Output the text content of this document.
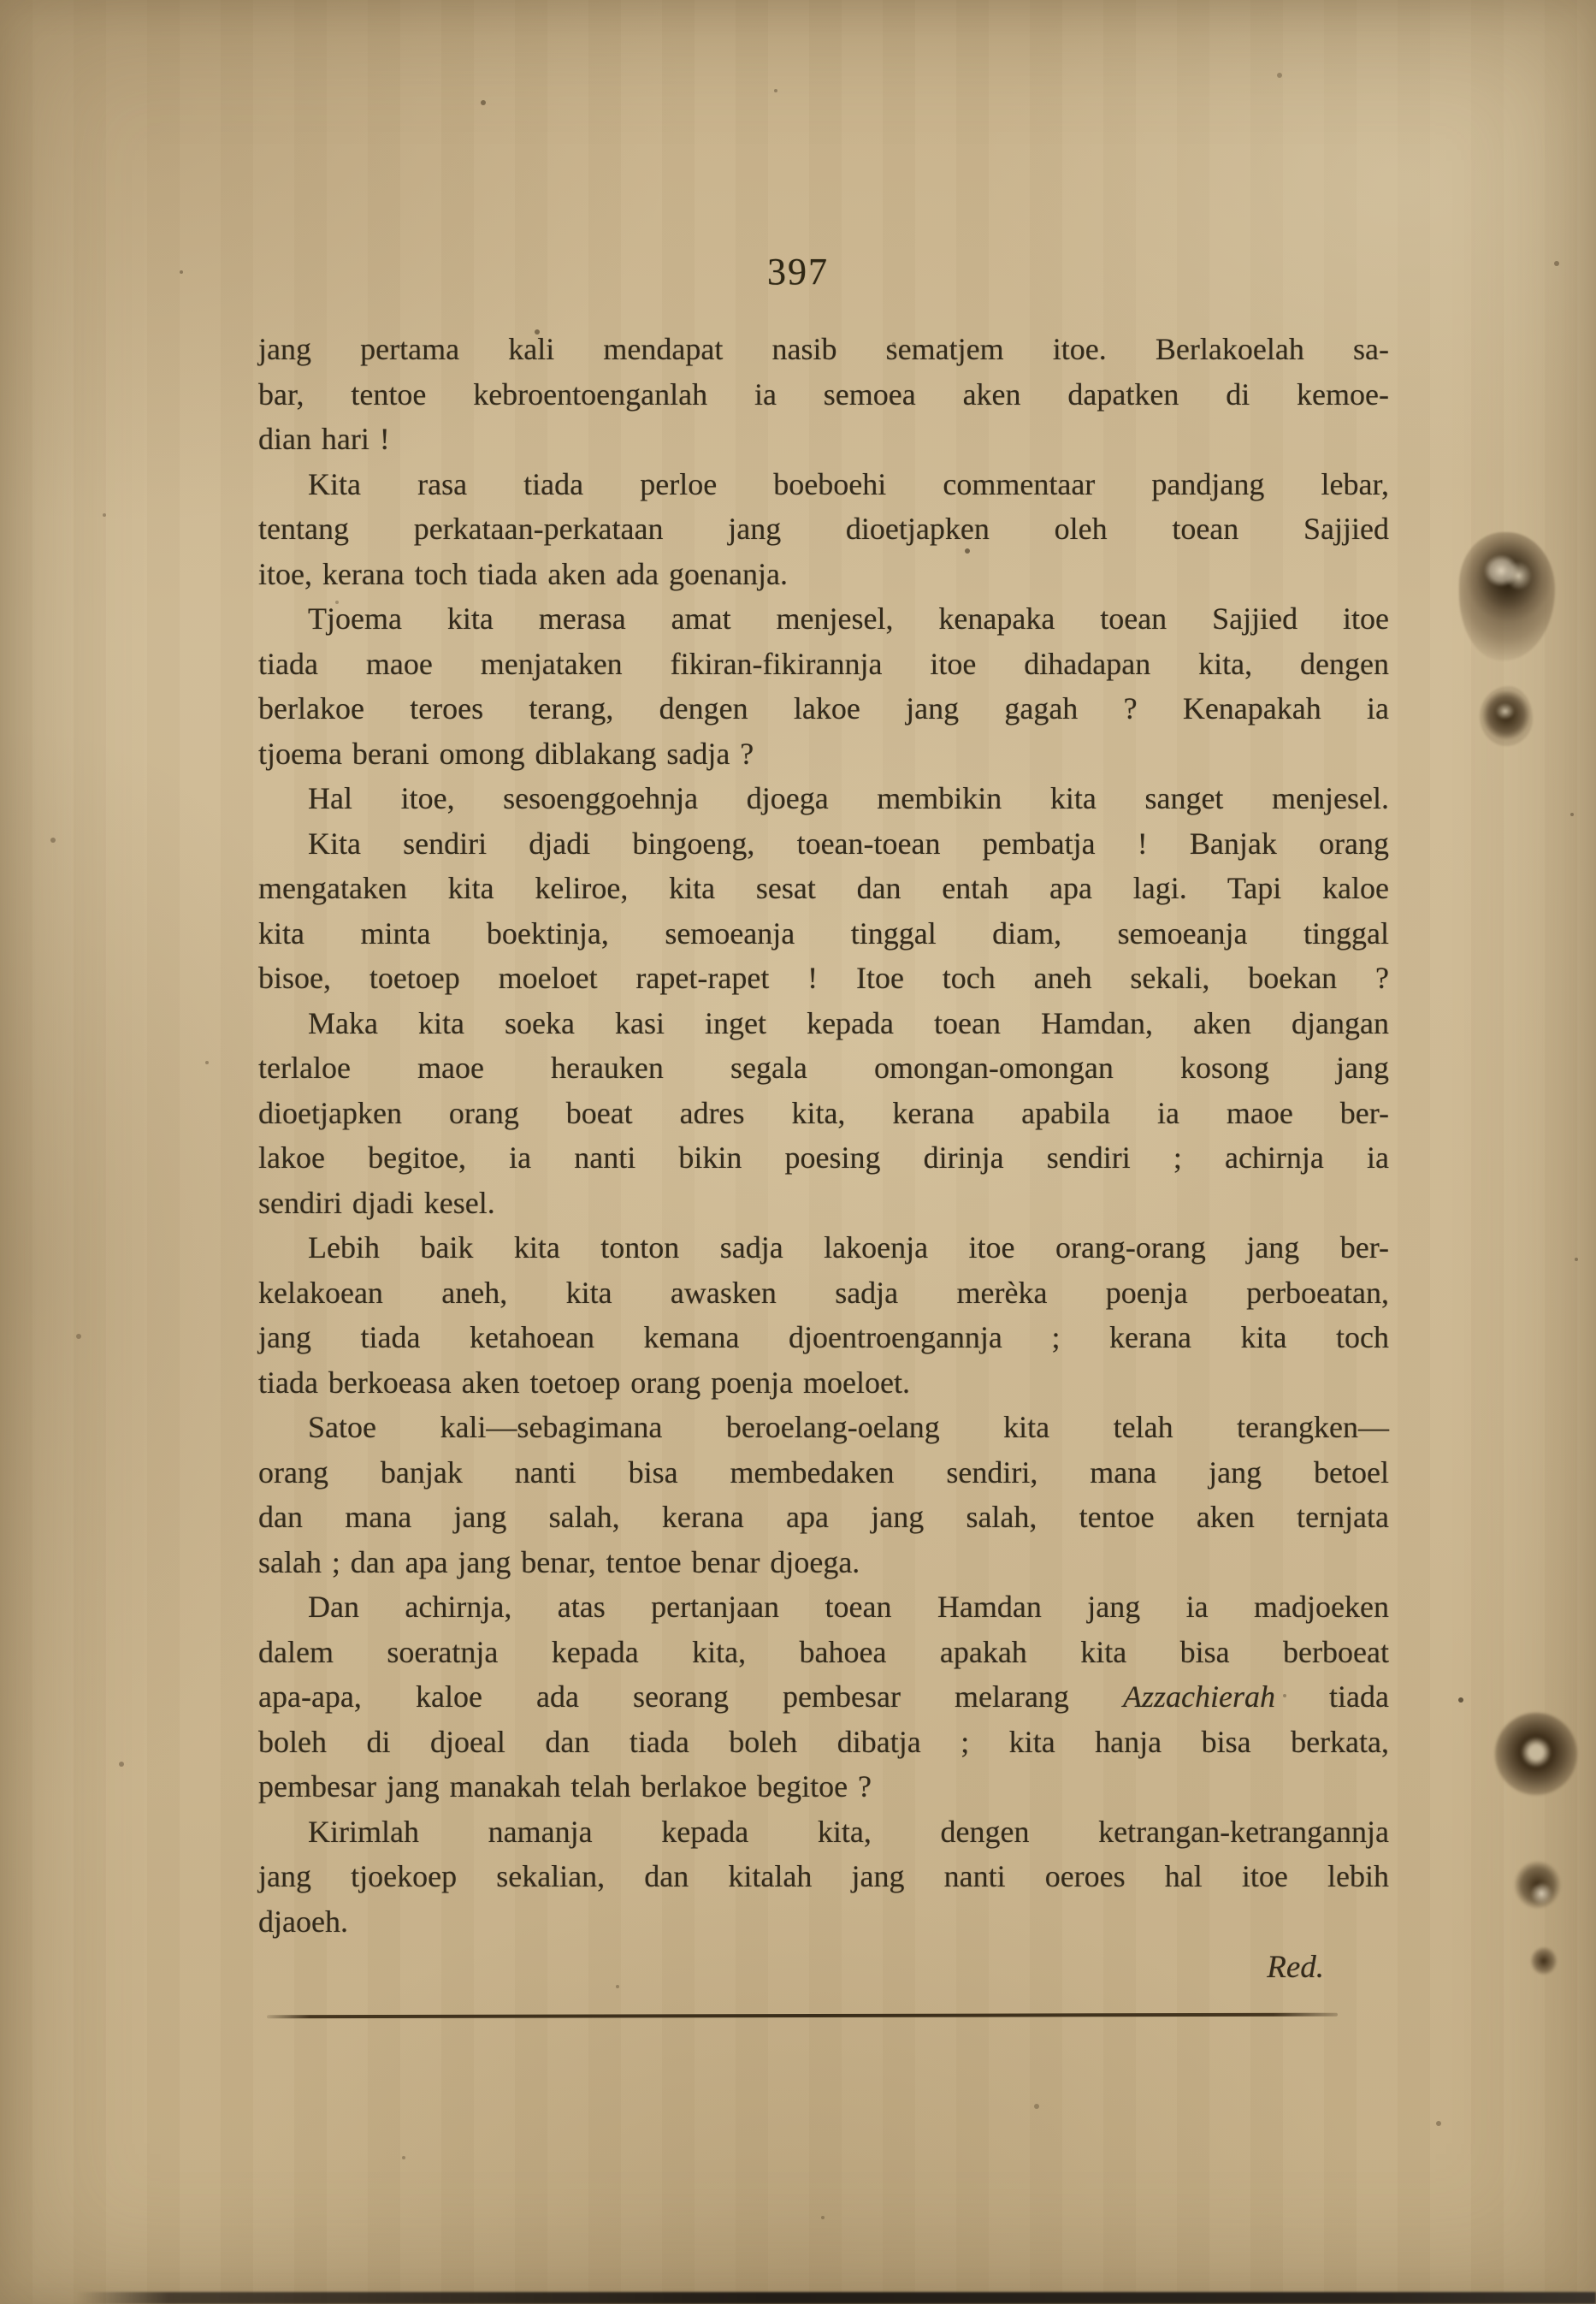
397
jang pertama kali mendapat nasib sematjem itoe. Berlakoelah sa-
bar, tentoe kebroentoenganlah ia semoea aken dapatken di kemoe-
dian hari !
Kita rasa tiada perloe boeboehi commentaar pandjang lebar,
tentang perkataan-perkataan jang dioetjapken oleh toean Sajjied
itoe, kerana toch tiada aken ada goenanja.
Tjoema kita merasa amat menjesel, kenapaka toean Sajjied itoe
tiada maoe menjataken fikiran-fikirannja itoe dihadapan kita, dengen
berlakoe teroes terang, dengen lakoe jang gagah ? Kenapakah ia
tjoema berani omong diblakang sadja ?
Hal itoe, sesoenggoehnja djoega membikin kita sanget menjesel.
Kita sendiri djadi bingoeng, toean-toean pembatja ! Banjak orang
mengataken kita keliroe, kita sesat dan entah apa lagi. Tapi kaloe
kita minta boektinja, semoeanja tinggal diam, semoeanja tinggal
bisoe, toetoep moeloet rapet-rapet ! Itoe toch aneh sekali, boekan ?
Maka kita soeka kasi inget kepada toean Hamdan, aken djangan
terlaloe maoe herauken segala omongan-omongan kosong jang
dioetjapken orang boeat adres kita, kerana apabila ia maoe ber-
lakoe begitoe, ia nanti bikin poesing dirinja sendiri ; achirnja ia
sendiri djadi kesel.
Lebih baik kita tonton sadja lakoenja itoe orang-orang jang ber-
kelakoean aneh, kita awasken sadja merèka poenja perboeatan,
jang tiada ketahoean kemana djoentroengannja ; kerana kita toch
tiada berkoeasa aken toetoep orang poenja moeloet.
Satoe kali—sebagimana beroelang-oelang kita telah terangken—
orang banjak nanti bisa membedaken sendiri, mana jang betoel
dan mana jang salah, kerana apa jang salah, tentoe aken ternjata
salah ; dan apa jang benar, tentoe benar djoega.
Dan achirnja, atas pertanjaan toean Hamdan jang ia madjoeken
dalem soeratnja kepada kita, bahoea apakah kita bisa berboeat
apa-apa, kaloe ada seorang pembesar melarang Azzachierah tiada
boleh di djoeal dan tiada boleh dibatja ; kita hanja bisa berkata,
pembesar jang manakah telah berlakoe begitoe ?
Kirimlah namanja kepada kita, dengen ketrangan-ketrangannja
jang tjoekoep sekalian, dan kitalah jang nanti oeroes hal itoe lebih
djaoeh.
Red.
